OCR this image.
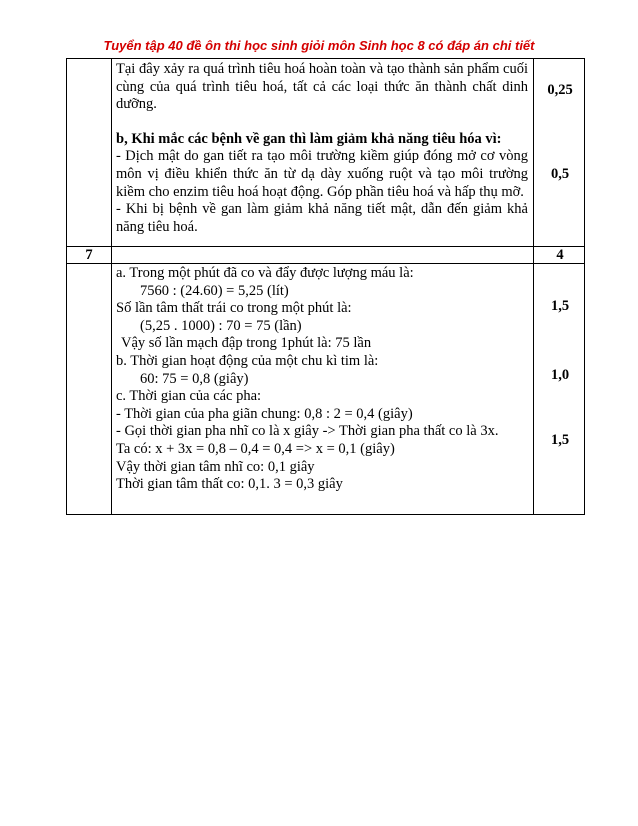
Tuyển tập 40 đề ôn thi học sinh giỏi môn Sinh học 8 có đáp án chi tiết
Tại đây xảy ra quá trình tiêu hoá hoàn toàn và tạo thành sản phẩm cuối cùng của quá trình tiêu hoá, tất cả các loại thức ăn thành chất dinh dưỡng.
b, Khi mắc các bệnh về gan thì làm giảm khả năng tiêu hóa vì:
- Dịch mật do gan tiết ra tạo môi trường kiềm giúp đóng mở cơ vòng môn vị điều khiển thức ăn từ dạ dày xuống ruột và tạo môi trường kiềm cho enzim tiêu hoá hoạt động. Góp phần tiêu hoá và hấp thụ mỡ.
- Khi bị bệnh về gan làm giảm khả năng tiết mật, dẫn đến giảm khả năng tiêu hoá.
0,25
0,5
7	4
a. Trong một phút đã co và đẩy được lượng máu là:
7560 : (24.60) = 5,25 (lít)
Số lần tâm thất trái co trong một phút là:
(5,25 . 1000) : 70 = 75 (lần)
Vậy số lần mạch đập trong 1phút là: 75 lần
b. Thời gian hoạt động của một chu kì tim là:
60: 75 = 0,8 (giây)
c. Thời gian của các pha:
- Thời gian của pha giãn chung: 0,8 : 2 = 0,4 (giây)
- Gọi thời gian pha nhĩ co là x giây -> Thời gian pha thất co là 3x.
Ta có: x + 3x = 0,8 – 0,4 = 0,4 => x = 0,1 (giây)
Vậy thời gian tâm nhĩ co: 0,1 giây
Thời gian tâm thất co: 0,1. 3 = 0,3 giây
1,5
1,0
1,5
